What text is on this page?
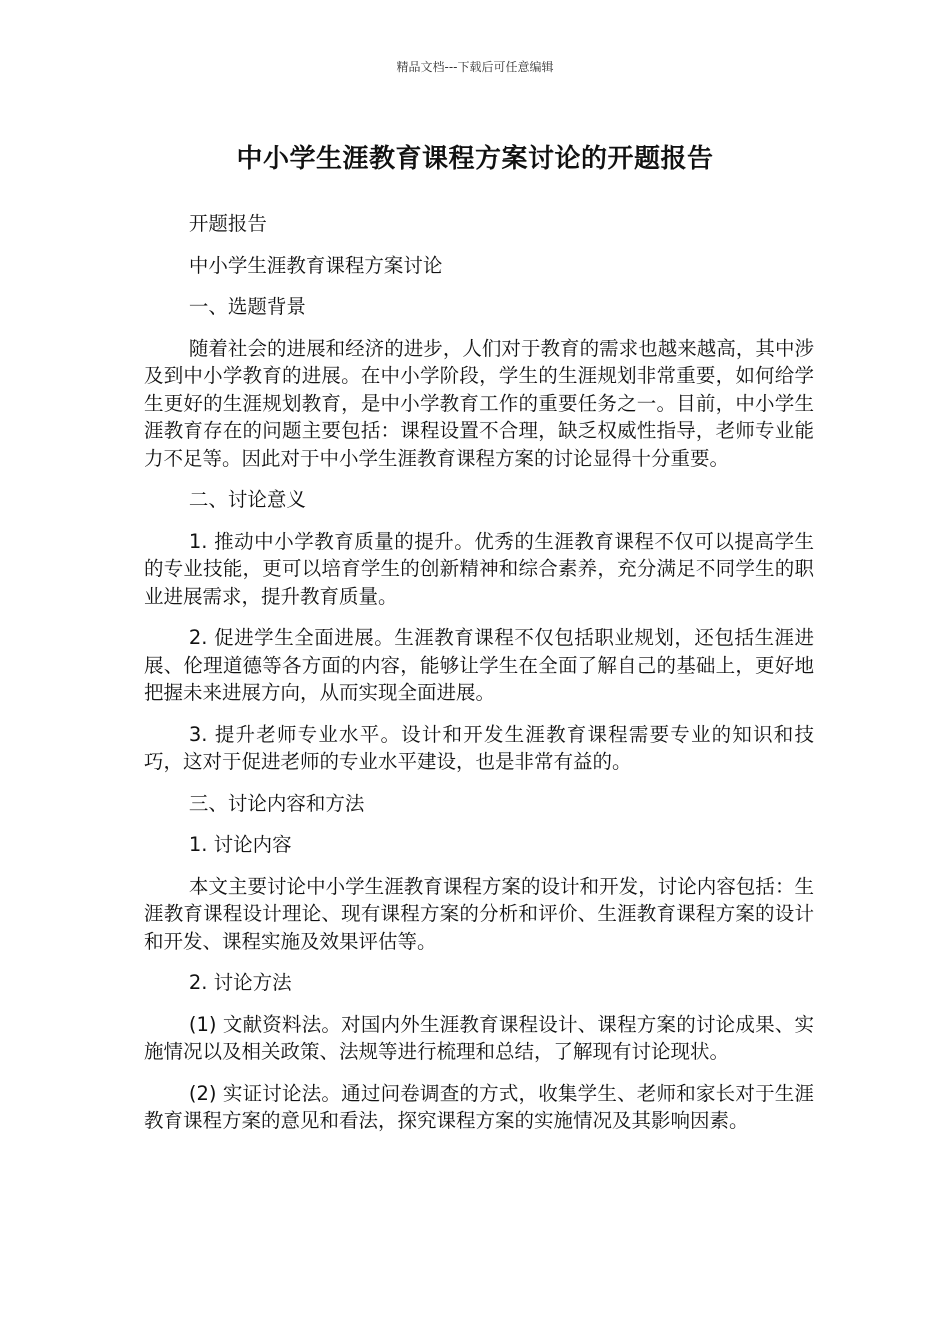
精品文档---下载后可任意编辑
中小学生涯教育课程方案讨论的开题报告

开题报告

中小学生涯教育课程方案讨论

一、选题背景

随着社会的进展和经济的进步，人们对于教育的需求也越来越高，其中涉及到中小学教育的进展。在中小学阶段，学生的生涯规划非常重要，如何给学生更好的生涯规划教育，是中小学教育工作的重要任务之一。目前，中小学生涯教育存在的问题主要包括：课程设置不合理，缺乏权威性指导，老师专业能力不足等。因此对于中小学生涯教育课程方案的讨论显得十分重要。

二、讨论意义

1. 推动中小学教育质量的提升。优秀的生涯教育课程不仅可以提高学生的专业技能，更可以培育学生的创新精神和综合素养，充分满足不同学生的职业进展需求，提升教育质量。

2. 促进学生全面进展。生涯教育课程不仅包括职业规划，还包括生涯进展、伦理道德等各方面的内容，能够让学生在全面了解自己的基础上，更好地把握未来进展方向，从而实现全面进展。

3. 提升老师专业水平。设计和开发生涯教育课程需要专业的知识和技巧，这对于促进老师的专业水平建设，也是非常有益的。

三、讨论内容和方法

1. 讨论内容

本文主要讨论中小学生涯教育课程方案的设计和开发，讨论内容包括：生涯教育课程设计理论、现有课程方案的分析和评价、生涯教育课程方案的设计和开发、课程实施及效果评估等。

2. 讨论方法

(1) 文献资料法。对国内外生涯教育课程设计、课程方案的讨论成果、实施情况以及相关政策、法规等进行梳理和总结，了解现有讨论现状。

(2) 实证讨论法。通过问卷调查的方式，收集学生、老师和家长对于生涯教育课程方案的意见和看法，探究课程方案的实施情况及其影响因素。
